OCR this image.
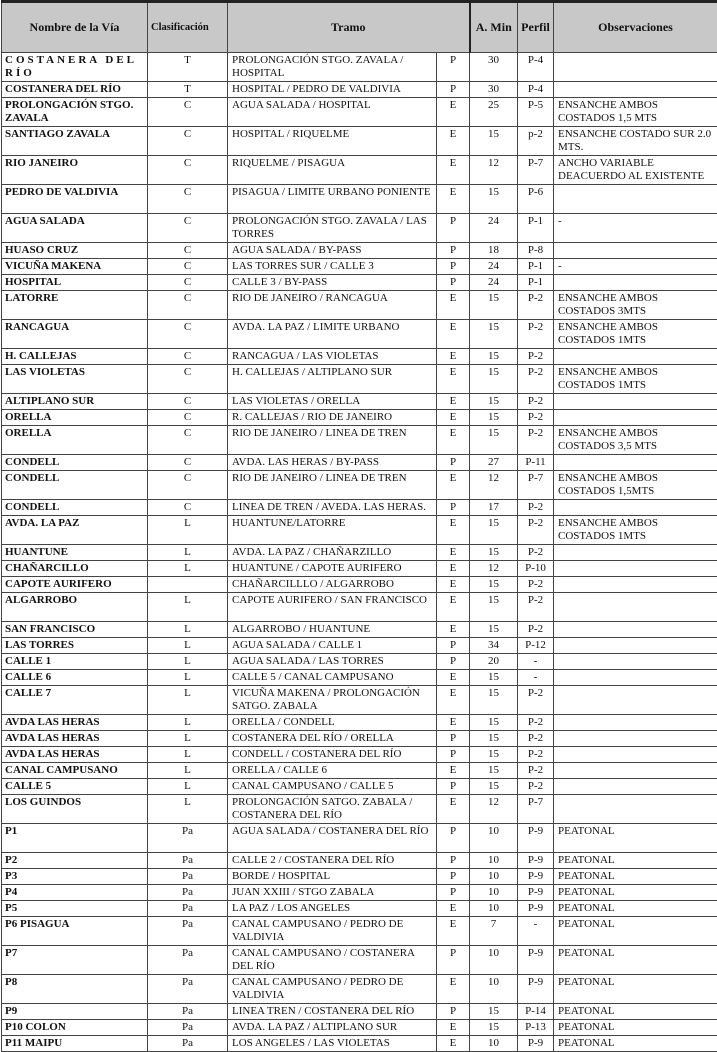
Nombre de la Vía	Clasificación	Tramo		A. Min	Perfil	Observaciones
COSTANERA DEL RÍO	T	PROLONGACIÓN STGO. ZAVALA / HOSPITAL	P	30	P-4	
COSTANERA DEL RÍO	T	HOSPITAL / PEDRO DE VALDIVIA	P	30	P-4	
PROLONGACIÓN STGO. ZAVALA	C	AGUA SALADA / HOSPITAL	E	25	P-5	ENSANCHE AMBOS COSTADOS 1,5 MTS
SANTIAGO ZAVALA	C	HOSPITAL / RIQUELME	E	15	p-2	ENSANCHE COSTADO SUR 2.0 MTS.
RIO JANEIRO	C	RIQUELME / PISAGUA	E	12	P-7	ANCHO VARIABLE DEACUERDO AL EXISTENTE
PEDRO DE VALDIVIA	C	PISAGUA / LIMITE URBANO PONIENTE	E	15	P-6	
AGUA SALADA	C	PROLONGACIÓN STGO. ZAVALA / LAS TORRES	P	24	P-1	-
HUASO CRUZ	C	AGUA SALADA / BY-PASS	P	18	P-8	
VICUÑA MAKENA	C	LAS TORRES SUR / CALLE 3	P	24	P-1	-
HOSPITAL	C	CALLE 3 / BY-PASS	P	24	P-1	
LATORRE	C	RIO DE JANEIRO / RANCAGUA	E	15	P-2	ENSANCHE AMBOS COSTADOS 3MTS
RANCAGUA	C	AVDA. LA PAZ / LIMITE URBANO	E	15	P-2	ENSANCHE AMBOS COSTADOS 1MTS
H. CALLEJAS	C	RANCAGUA / LAS VIOLETAS	E	15	P-2	
LAS VIOLETAS	C	H. CALLEJAS / ALTIPLANO SUR	E	15	P-2	ENSANCHE AMBOS COSTADOS 1MTS
ALTIPLANO SUR	C	LAS VIOLETAS / ORELLA	E	15	P-2	
ORELLA	C	R. CALLEJAS / RIO DE JANEIRO	E	15	P-2	
ORELLA	C	RIO DE JANEIRO / LINEA DE TREN	E	15	P-2	ENSANCHE AMBOS COSTADOS 3,5 MTS
CONDELL	C	AVDA. LAS HERAS / BY-PASS	P	27	P-11	
CONDELL	C	RIO DE JANEIRO / LINEA DE TREN	E	12	P-7	ENSANCHE AMBOS COSTADOS 1,5MTS
CONDELL	C	LINEA DE TREN / AVEDA. LAS HERAS.	P	17	P-2	
AVDA. LA PAZ	L	HUANTUNE/LATORRE	E	15	P-2	ENSANCHE AMBOS COSTADOS 1MTS
HUANTUNE	L	AVDA. LA PAZ / CHAÑARZILLO	E	15	P-2	
CHAÑARCILLO	L	HUANTUNE / CAPOTE AURIFERO	E	12	P-10	
CAPOTE AURIFERO		CHAÑARCILLLO / ALGARROBO	E	15	P-2	
ALGARROBO	L	CAPOTE AURIFERO / SAN FRANCISCO	E	15	P-2	
SAN FRANCISCO	L	ALGARROBO / HUANTUNE	E	15	P-2	
LAS TORRES	L	AGUA SALADA / CALLE 1	P	34	P-12	
CALLE 1	L	AGUA SALADA / LAS TORRES	P	20	-	
CALLE 6	L	CALLE 5 / CANAL CAMPUSANO	E	15	-	
CALLE 7	L	VICUÑA MAKENA / PROLONGACIÓN SATGO. ZABALA	E	15	P-2	
AVDA LAS HERAS	L	ORELLA / CONDELL	E	15	P-2	
AVDA LAS HERAS	L	COSTANERA DEL RÍO / ORELLA	P	15	P-2	
AVDA LAS HERAS	L	CONDELL / COSTANERA DEL RÍO	P	15	P-2	
CANAL CAMPUSANO	L	ORELLA / CALLE 6	E	15	P-2	
CALLE 5	L	CANAL CAMPUSANO / CALLE 5	P	15	P-2	
LOS GUINDOS	L	PROLONGACIÓN SATGO. ZABALA / COSTANERA DEL RÍO	E	12	P-7	
P1	Pa	AGUA SALADA / COSTANERA DEL RÍO	P	10	P-9	PEATONAL
P2	Pa	CALLE 2 / COSTANERA DEL RÍO	P	10	P-9	PEATONAL
P3	Pa	BORDE / HOSPITAL	P	10	P-9	PEATONAL
P4	Pa	JUAN XXIII / STGO ZABALA	P	10	P-9	PEATONAL
P5	Pa	LA PAZ / LOS ANGELES	E	10	P-9	PEATONAL
P6 PISAGUA	Pa	CANAL CAMPUSANO / PEDRO DE VALDIVIA	E	7	-	PEATONAL
P7	Pa	CANAL CAMPUSANO / COSTANERA DEL RÍO	P	10	P-9	PEATONAL
P8	Pa	CANAL CAMPUSANO / PEDRO DE VALDIVIA	E	10	P-9	PEATONAL
P9	Pa	LINEA TREN / COSTANERA DEL RÍO	P	15	P-14	PEATONAL
P10 COLON	Pa	AVDA. LA PAZ / ALTIPLANO SUR	E	15	P-13	PEATONAL
P11 MAIPU	Pa	LOS ANGELES / LAS VIOLETAS	E	10	P-9	PEATONAL
